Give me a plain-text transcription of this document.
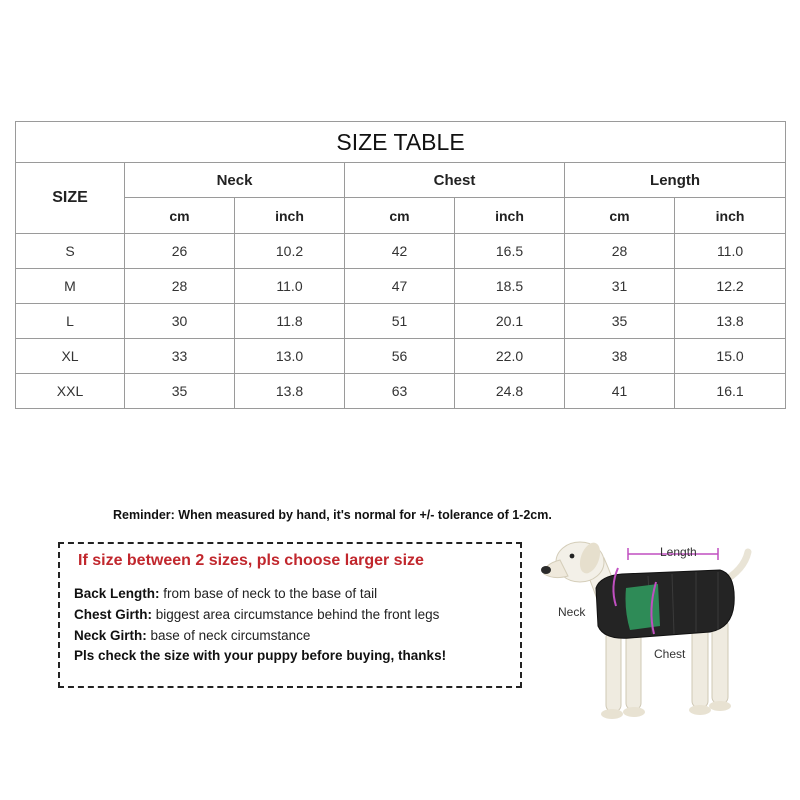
SIZE TABLE						
SIZE	Neck		Chest		Length	
	cm	inch	cm	inch	cm	inch
S	26	10.2	42	16.5	28	11.0
M	28	11.0	47	18.5	31	12.2
L	30	11.8	51	20.1	35	13.8
XL	33	13.0	56	22.0	38	15.0
XXL	35	13.8	63	24.8	41	16.1
Reminder: When measured by hand, it's normal for +/- tolerance of 1-2cm.
If size between 2 sizes, pls choose larger size
Back Length: from base of neck to the base of tail
Chest Girth: biggest area circumstance behind the front legs
Neck Girth: base of neck circumstance
Pls check the size with your puppy before buying, thanks!
Length
Neck
Chest
